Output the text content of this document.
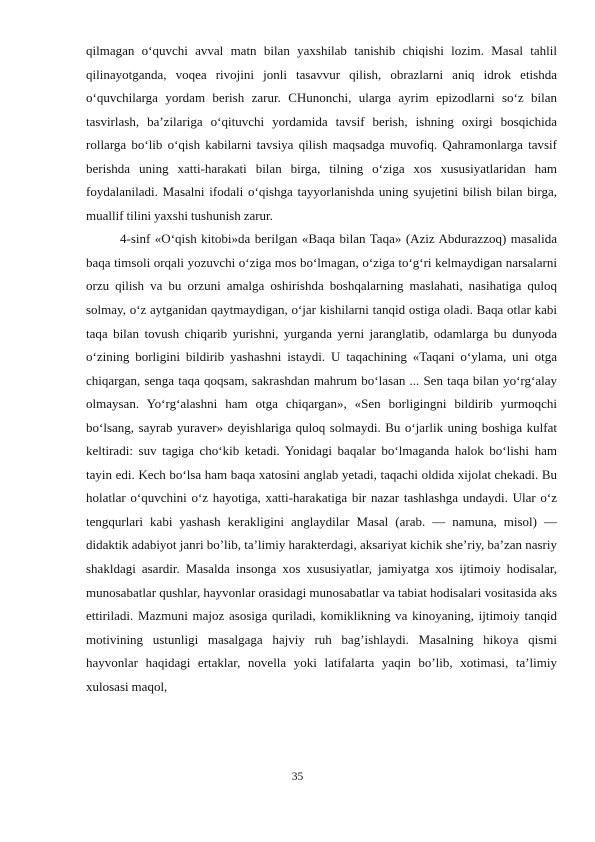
qilmagan o‘quvchi avval matn bilan yaxshilab tanishib chiqishi lozim. Masal tahlil qilinayotganda, voqea rivojini jonli tasavvur qilish, obrazlarni aniq idrok etishda o‘quvchilarga yordam berish zarur. CHunonchi, ularga ayrim epizodlarni so‘z bilan tasvirlash, ba’zilariga o‘qituvchi yordamida tavsif berish, ishning oxirgi bosqichida rollarga bo‘lib o‘qish kabilarni tavsiya qilish maqsadga muvofiq. Qahramonlarga tavsif berishda uning xatti-harakati bilan birga, tilning o‘ziga xos xususiyatlaridan ham foydalaniladi. Masalni ifodali o‘qishga tayyorlanishda uning syujetini bilish bilan birga, muallif tilini yaxshi tushunish zarur.

4-sinf «O‘qish kitobi»da berilgan «Baqa bilan Taqa» (Aziz Abdurazzoq) masalida baqa timsoli orqali yozuvchi o‘ziga mos bo‘lmagan, o‘ziga to‘g‘ri kelmaydigan narsalarni orzu qilish va bu orzuni amalga oshirishda boshqalarning maslahati, nasihatiga quloq solmay, o‘z aytganidan qaytmaydigan, o‘jar kishilarni tanqid ostiga oladi. Baqa otlar kabi taqa bilan tovush chiqarib yurishni, yurganda yerni jaranglatib, odamlarga bu dunyoda o‘zining borligini bildirib yashashni istaydi. U taqachining «Taqani o‘ylama, uni otga chiqargan, senga taqa qoqsam, sakrashdan mahrum bo‘lasan ... Sen taqa bilan yo‘rg‘alay olmaysan. Yo‘rg‘alashni ham otga chiqargan», «Sen borligingni bildirib yurmoqchi bo‘lsang, sayrab yuraver» deyishlariga quloq solmaydi. Bu o‘jarlik uning boshiga kulfat keltiradi: suv tagiga cho‘kib ketadi. Yonidagi baqalar bo‘lmaganda halok bo‘lishi ham tayin edi. Kech bo‘lsa ham baqa xatosini anglab yetadi, taqachi oldida xijolat chekadi. Bu holatlar o‘quvchini o‘z hayotiga, xatti-harakatiga bir nazar tashlashga undaydi. Ular o‘z tengqurlari kabi yashash kerakligini anglaydilar Masal (arab. — namuna, misol) — didaktik adabiyot janri bo’lib, ta’limiy harakterdagi, aksariyat kichik she’riy, ba’zan nasriy shakldagi asardir. Masalda insonga xos xususiyatlar, jamiyatga xos ijtimoiy hodisalar, munosabatlar qushlar, hayvonlar orasidagi munosabatlar va tabiat hodisalari vositasida aks ettiriladi. Mazmuni majoz asosiga quriladi, komiklikning va kinoyaning, ijtimoiy tanqid motivining ustunligi masalgaga hajviy ruh bag’ishlaydi. Masalning hikoya qismi hayvonlar haqidagi ertaklar, novella yoki latifalarta yaqin bo’lib, xotimasi, ta’limiy xulosasi maqol,

35
